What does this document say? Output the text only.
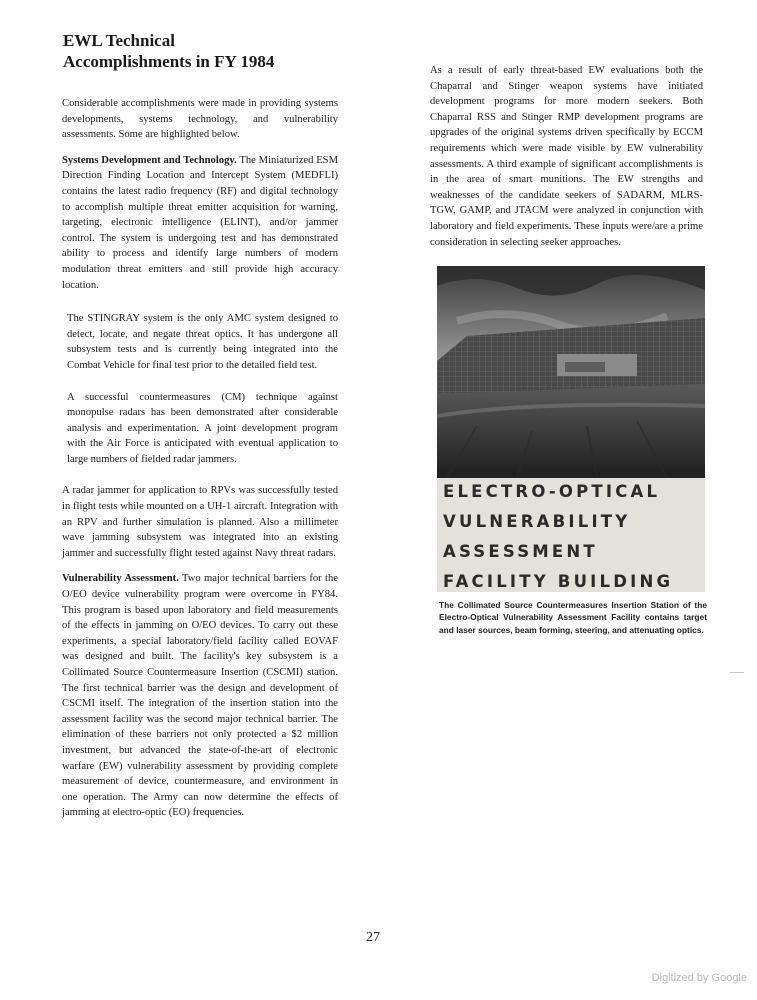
EWL Technical
Accomplishments in FY 1984

Considerable accomplishments were made in providing systems developments, systems technology, and vulnerability assessments. Some are highlighted below.

Systems Development and Technology. The Miniaturized ESM Direction Finding Location and Intercept System (MEDFLI) contains the latest radio frequency (RF) and digital technology to accomplish multiple threat emitter acquisition for warning, targeting, electronic intelligence (ELINT), and/or jammer control. The system is undergoing test and has demonstrated ability to process and identify large numbers of modern modulation threat emitters and still provide high accuracy location.

The STINGRAY system is the only AMC system designed to detect, locate, and negate threat optics. It has undergone all subsystem tests and is currently being integrated into the Combat Vehicle for final test prior to the detailed field test.

A successful countermeasures (CM) technique against monopulse radars has been demonstrated after considerable analysis and experimentation. A joint development program with the Air Force is anticipated with eventual application to large numbers of fielded radar jammers.

A radar jammer for application to RPVs was successfully tested in flight tests while mounted on a UH-1 aircraft. Integration with an RPV and further simulation is planned. Also a millimeter wave jamming subsystem was integrated into an existing jammer and successfully flight tested against Navy threat radars.

Vulnerability Assessment. Two major technical barriers for the O/EO device vulnerability program were overcome in FY84. This program is based upon laboratory and field measurements of the effects in jamming on O/EO devices. To carry out these experiments, a special laboratory/field facility called EOVAF was designed and built. The facility's key subsystem is a Collimated Source Countermeasure Insertion (CSCMI) station. The first technical barrier was the design and development of CSCMI itself. The integration of the insertion station into the assessment facility was the second major technical barrier. The elimination of these barriers not only protected a $2 million investment, but advanced the state-of-the-art of electronic warfare (EW) vulnerability assessment by providing complete measurement of device, countermeasure, and environment in one operation. The Army can now determine the effects of jamming at electro-optic (EO) frequencies.

As a result of early threat-based EW evaluations both the Chaparral and Stinger weapon systems have initiated development programs for more modern seekers. Both Chaparral RSS and Stinger RMP development programs are upgrades of the original systems driven specifically by ECCM requirements which were made visible by EW vulnerability assessments. A third example of significant accomplishments is in the area of smart munitions. The EW strengths and weaknesses of the candidate seekers of SADARM, MLRS-TGW, GAMP, and JTACM were analyzed in conjunction with laboratory and field experiments. These inputs were/are a prime consideration in selecting seeker approaches.

ELECTRO-OPTICAL
VULNERABILITY
ASSESSMENT
FACILITY BUILDING
The Collimated Source Countermeasures Insertion Station of the Electro-Optical Vulnerability Assessment Facility contains target and laser sources, beam forming, steering, and attenuating optics.
27
Digitized by Google
